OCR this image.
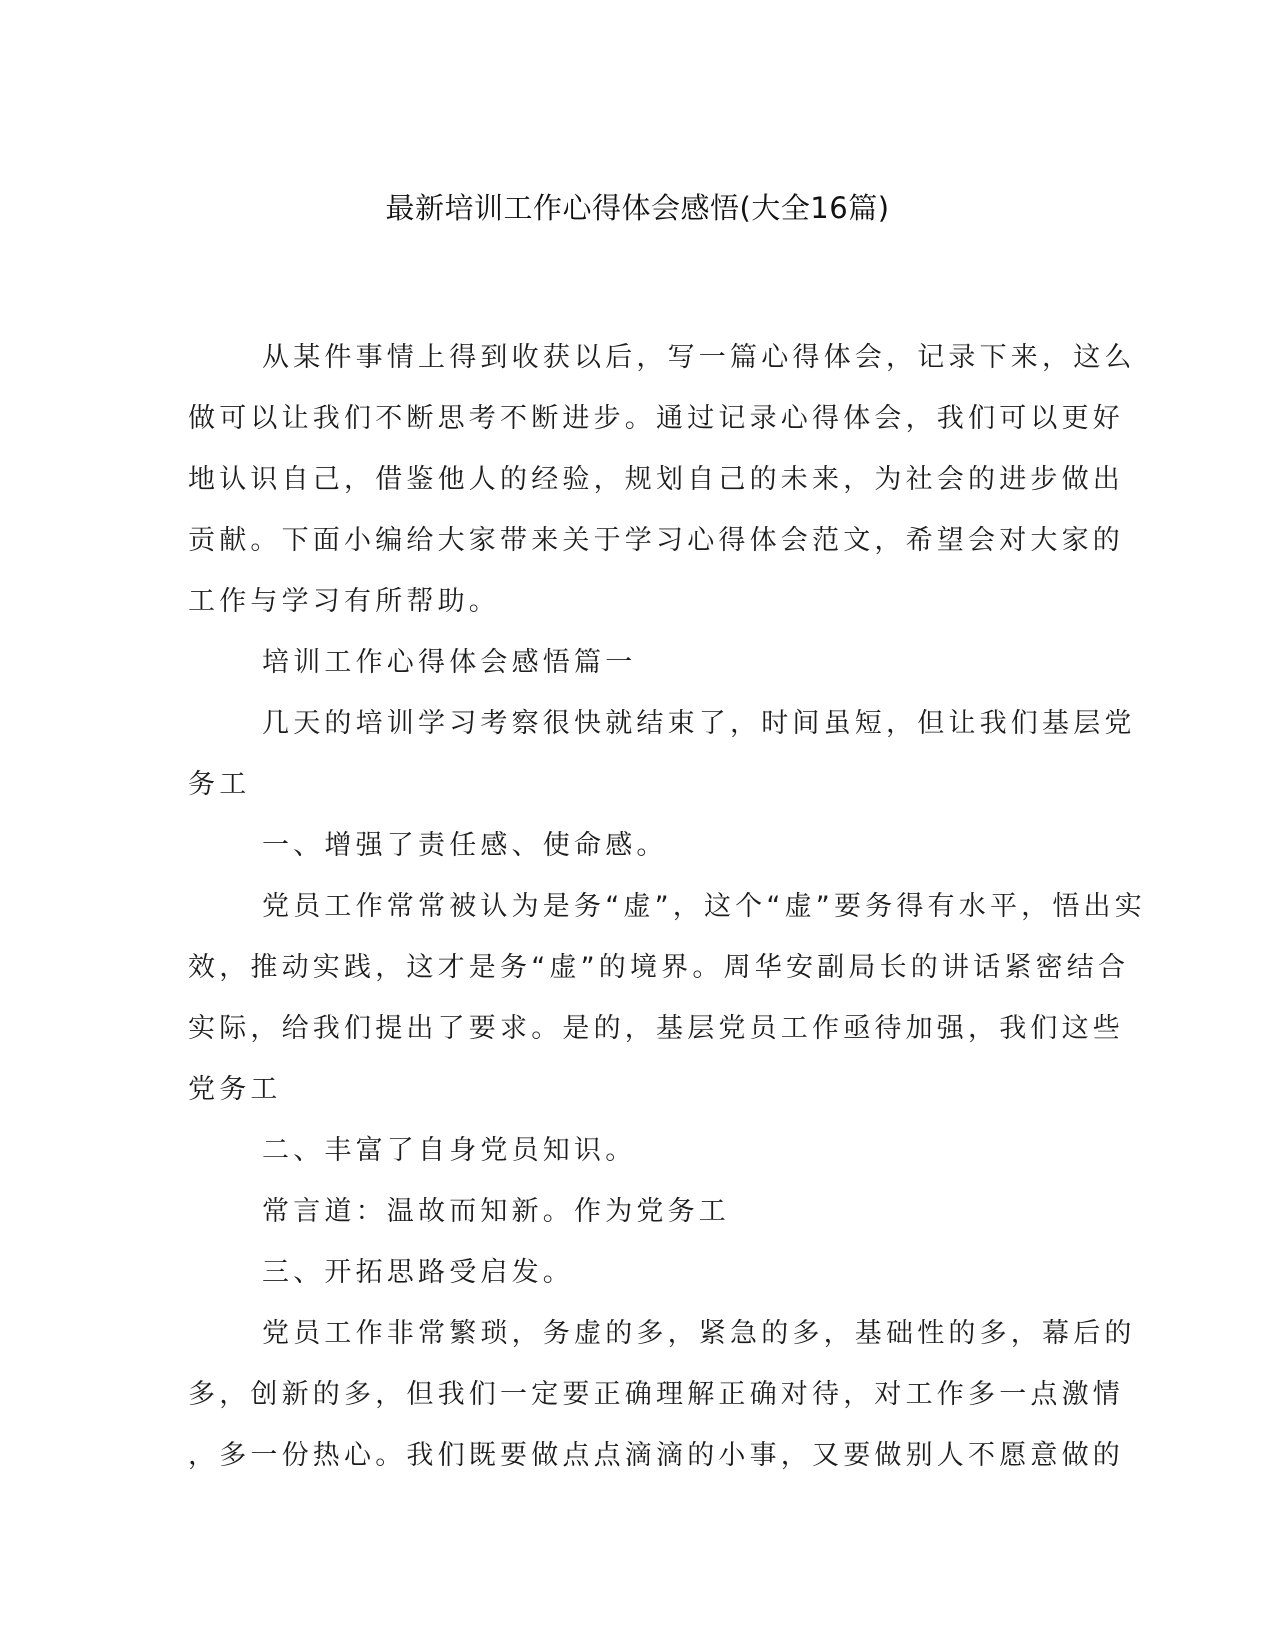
最新培训工作心得体会感悟(大全16篇)
从某件事情上得到收获以后，写一篇心得体会，记录下来，这么
做可以让我们不断思考不断进步。通过记录心得体会，我们可以更好
地认识自己，借鉴他人的经验，规划自己的未来，为社会的进步做出
贡献。下面小编给大家带来关于学习心得体会范文，希望会对大家的
工作与学习有所帮助。
培训工作心得体会感悟篇一
几天的培训学习考察很快就结束了，时间虽短，但让我们基层党
务工
一、增强了责任感、使命感。
党员工作常常被认为是务“虚”，这个“虚”要务得有水平，悟出实
效，推动实践，这才是务“虚”的境界。周华安副局长的讲话紧密结合
实际，给我们提出了要求。是的，基层党员工作亟待加强，我们这些
党务工
二、丰富了自身党员知识。
常言道：温故而知新。作为党务工
三、开拓思路受启发。
党员工作非常繁琐，务虚的多，紧急的多，基础性的多，幕后的
多，创新的多，但我们一定要正确理解正确对待，对工作多一点激情
，多一份热心。我们既要做点点滴滴的小事，又要做别人不愿意做的
